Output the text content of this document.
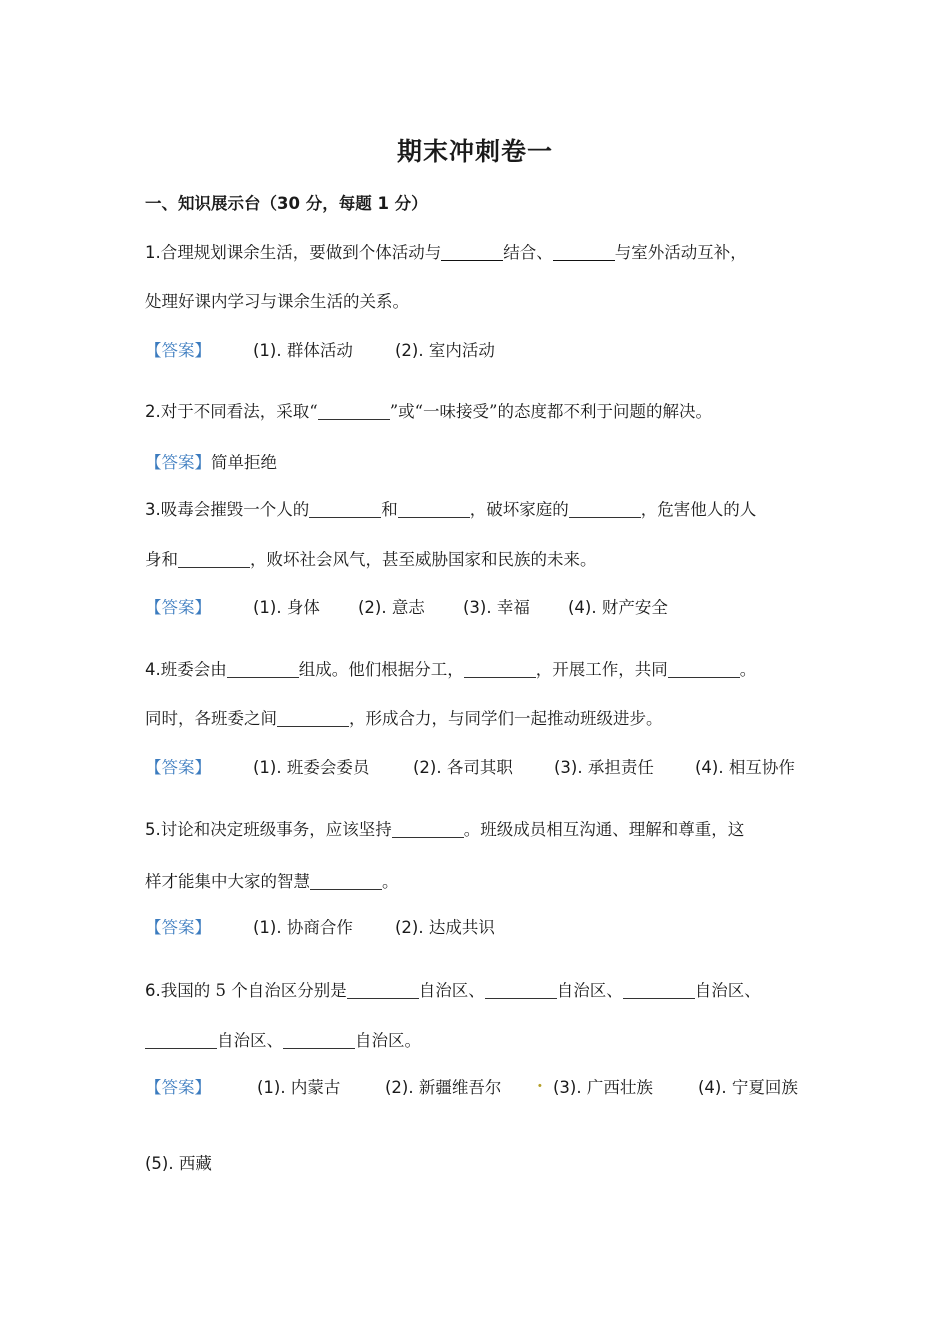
期末冲刺卷一
一、知识展示台（30 分，每题 1 分）
1.合理规划课余生活，要做到个体活动与	结合、	与室外活动互补，
处理好课内学习与课余生活的关系。
【答案】	(1). 群体活动	(2). 室内活动
2.对于不同看法，采取“	”或“一味接受”的态度都不利于问题的解决。
【答案】简单拒绝
3.吸毒会摧毁一个人的	和	，破坏家庭的	，危害他人的人
身和	，败坏社会风气，甚至威胁国家和民族的未来。
【答案】	(1). 身体 (2). 意志 (3). 幸福 (4). 财产安全
4.班委会由	组成。他们根据分工，	，开展工作，共同	。
同时，各班委之间	，形成合力，与同学们一起推动班级进步。
【答案】	(1). 班委会委员	(2). 各司其职 (3). 承担责任 (4). 相互协作
5.讨论和决定班级事务，应该坚持	。班级成员相互沟通、理解和尊重，这
样才能集中大家的智慧	。
【答案】	(1). 协商合作	(2). 达成共识
6.我国的 5 个自治区分别是	自治区、	自治区、	自治区、
自治区、	自治区。
【答案】	(1). 内蒙古	(2). 新疆维吾尔 . (3). 广西壮族	(4). 宁夏回族
(5). 西藏
